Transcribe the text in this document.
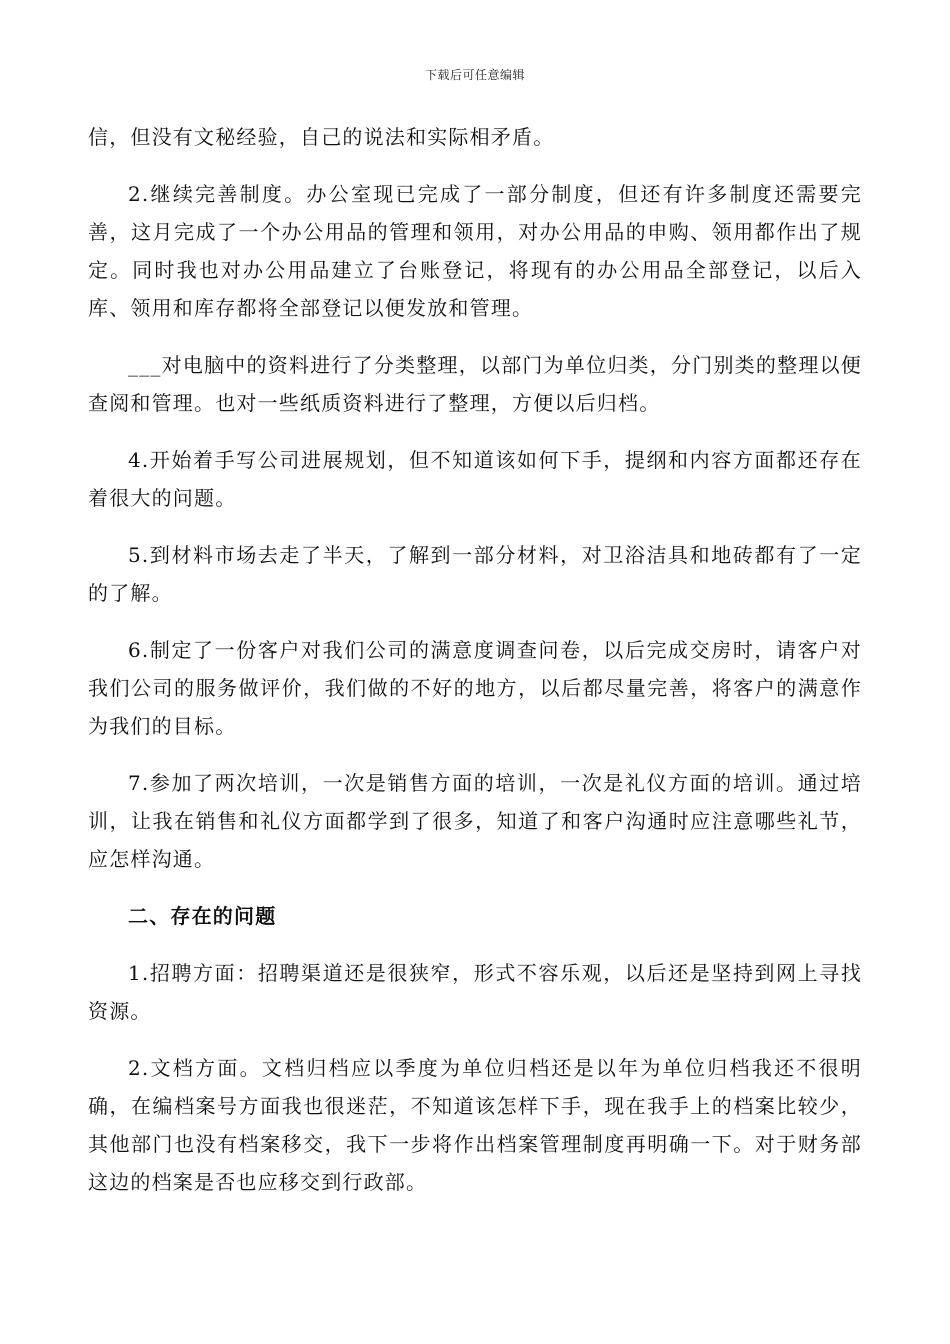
下载后可任意编辑

信，但没有文秘经验，自己的说法和实际相矛盾。

2.继续完善制度。办公室现已完成了一部分制度，但还有许多制度还需要完善，这月完成了一个办公用品的管理和领用，对办公用品的申购、领用都作出了规定。同时我也对办公用品建立了台账登记，将现有的办公用品全部登记，以后入库、领用和库存都将全部登记以便发放和管理。

___对电脑中的资料进行了分类整理，以部门为单位归类，分门别类的整理以便查阅和管理。也对一些纸质资料进行了整理，方便以后归档。

4.开始着手写公司进展规划，但不知道该如何下手，提纲和内容方面都还存在着很大的问题。

5.到材料市场去走了半天，了解到一部分材料，对卫浴洁具和地砖都有了一定的了解。

6.制定了一份客户对我们公司的满意度调查问卷，以后完成交房时，请客户对我们公司的服务做评价，我们做的不好的地方，以后都尽量完善，将客户的满意作为我们的目标。

7.参加了两次培训，一次是销售方面的培训，一次是礼仪方面的培训。通过培训，让我在销售和礼仪方面都学到了很多，知道了和客户沟通时应注意哪些礼节，应怎样沟通。

二、存在的问题

1.招聘方面：招聘渠道还是很狭窄，形式不容乐观，以后还是坚持到网上寻找资源。

2.文档方面。文档归档应以季度为单位归档还是以年为单位归档我还不很明确，在编档案号方面我也很迷茫，不知道该怎样下手，现在我手上的档案比较少，其他部门也没有档案移交，我下一步将作出档案管理制度再明确一下。对于财务部这边的档案是否也应移交到行政部。
